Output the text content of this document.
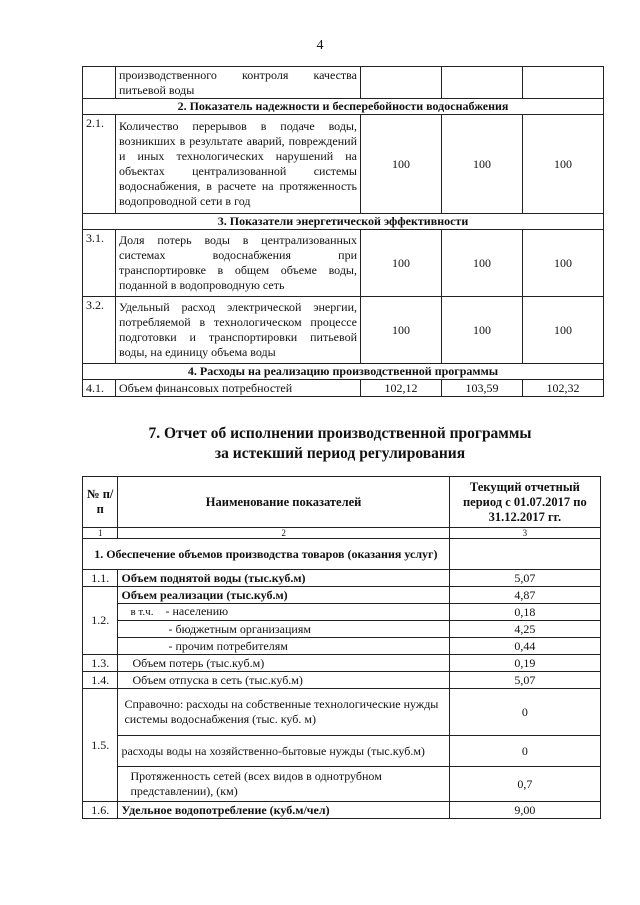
4
	производственного контроля качества питьевой воды			
2. Показатель надежности и бесперебойности водоснабжения				
2.1.	Количество перерывов в подаче воды, возникших в результате аварий, повреждений и иных технологических нарушений на объектах централизованной системы водоснабжения, в расчете на протяженность водопроводной сети в год	100	100	100
3. Показатели энергетической эффективности				
3.1.	Доля потерь воды в централизованных системах водоснабжения при транспортировке в общем объеме воды, поданной в водопроводную сеть	100	100	100
3.2.	Удельный расход электрической энергии, потребляемой в технологическом процессе подготовки и транспортировки питьевой воды, на единицу объема воды	100	100	100
4. Расходы на реализацию производственной программы				
4.1.	Объем финансовых потребностей	102,12	103,59	102,32
7. Отчет об исполнении производственной программы
за истекший период регулирования
№ п/п	Наименование показателей	Текущий отчетный период с 01.07.2017 по 31.12.2017 гг.
1	2	3
1. Обеспечение объемов производства товаров (оказания услуг)		
1.1.	Объем поднятой воды (тыс.куб.м)	5,07
1.2.	Объем реализации (тыс.куб.м)	4,87
	в т.ч. - населению	0,18
	- бюджетным организациям	4,25
	- прочим потребителям	0,44
1.3.	Объем потерь (тыс.куб.м)	0,19
1.4.	Объем отпуска в сеть (тыс.куб.м)	5,07
1.5.	Справочно: расходы на собственные технологические нужды системы водоснабжения (тыс. куб. м)	0
	расходы воды на хозяйственно-бытовые нужды (тыс.куб.м)	0
	Протяженность сетей (всех видов в однотрубном представлении), (км)	0,7
1.6.	Удельное водопотребление (куб.м/чел)	9,00
